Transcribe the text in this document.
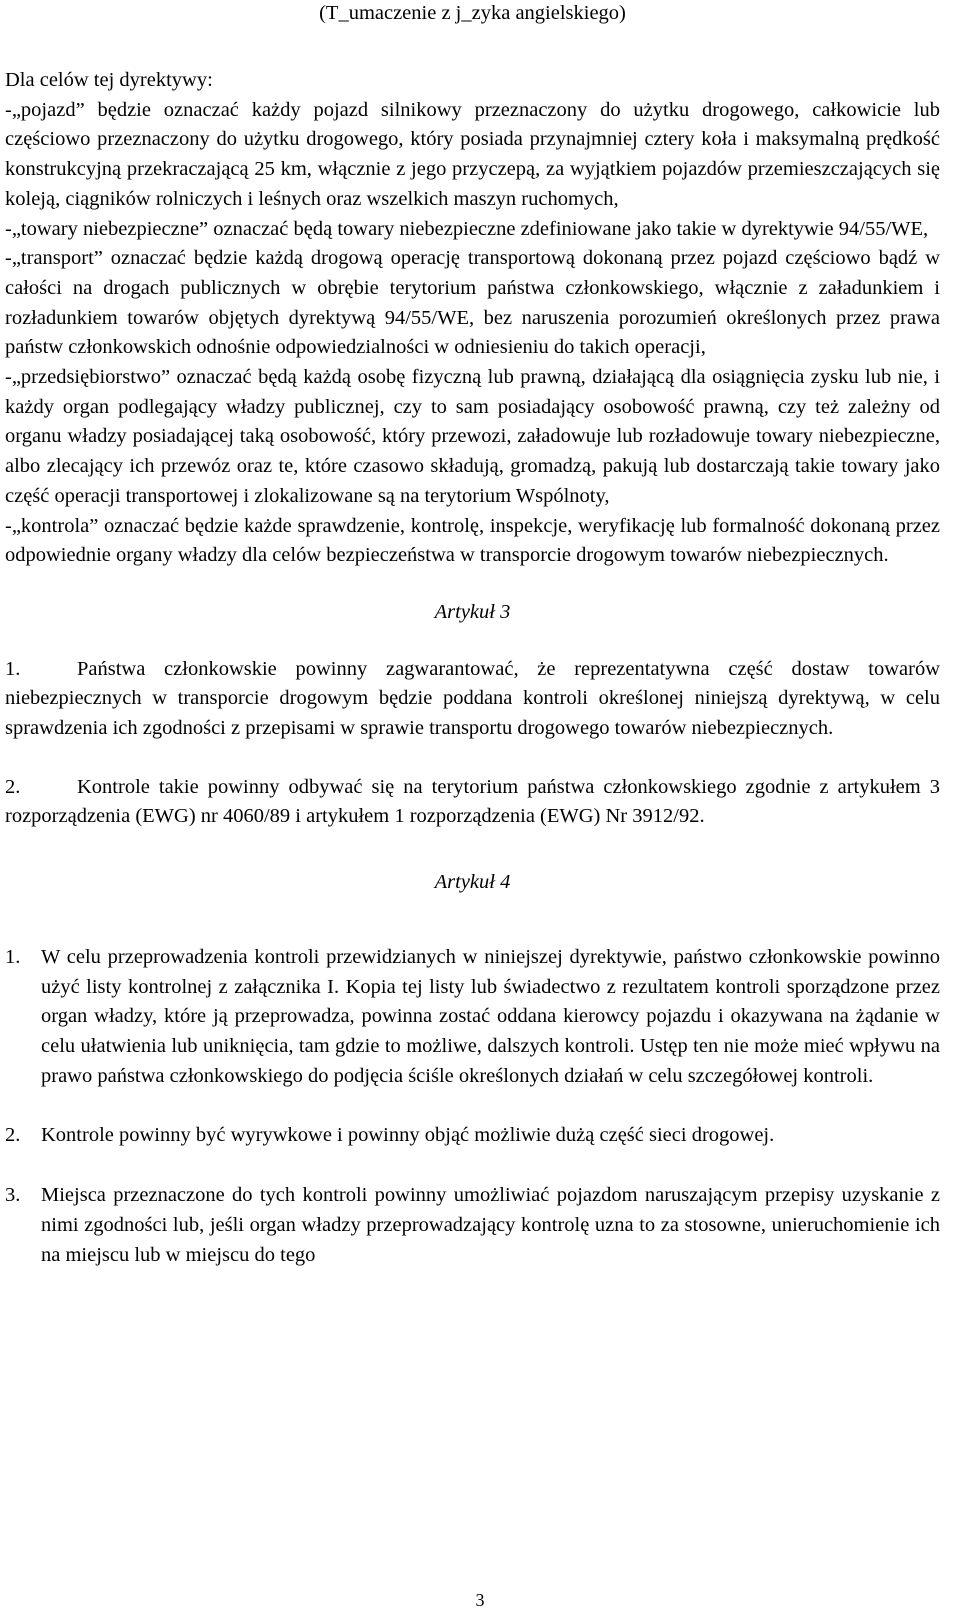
(T_umaczenie z j_zyka angielskiego)
Dla celów tej dyrektywy:

-„pojazd” będzie oznaczać każdy pojazd silnikowy przeznaczony do użytku drogowego, całkowicie lub częściowo przeznaczony do użytku drogowego, który posiada przynajmniej cztery koła i maksymalną prędkość konstrukcyjną przekraczającą 25 km, włącznie z jego przyczepą, za wyjątkiem pojazdów przemieszczających się koleją, ciągników rolniczych i leśnych oraz wszelkich maszyn ruchomych,

-„towary niebezpieczne” oznaczać będą towary niebezpieczne zdefiniowane jako takie w dyrektywie 94/55/WE,

-„transport” oznaczać będzie każdą drogową operację transportową dokonaną przez pojazd częściowo bądź w całości na drogach publicznych w obrębie terytorium państwa członkowskiego, włącznie z załadunkiem i rozładunkiem towarów objętych dyrektywą 94/55/WE, bez naruszenia porozumień określonych przez prawa państw członkowskich odnośnie odpowiedzialności w odniesieniu do takich operacji,

-„przedsiębiorstwo” oznaczać będą każdą osobę fizyczną lub prawną, działającą dla osiągnięcia zysku lub nie, i każdy organ podlegający władzy publicznej, czy to sam posiadający osobowość prawną, czy też zależny od organu władzy posiadającej taką osobowość, który przewozi, załadowuje lub rozładowuje towary niebezpieczne, albo zlecający ich przewóz oraz te, które czasowo składują, gromadzą, pakują lub dostarczają takie towary jako część operacji transportowej i zlokalizowane są na terytorium Wspólnoty,

-„kontrola” oznaczać będzie każde sprawdzenie, kontrolę, inspekcje, weryfikację lub formalność dokonaną przez odpowiednie organy władzy dla celów bezpieczeństwa w transporcie drogowym towarów niebezpiecznych.

Artykuł 3

1.	Państwa członkowskie powinny zagwarantować, że reprezentatywna część dostaw towarów niebezpiecznych w transporcie drogowym będzie poddana kontroli określonej niniejszą dyrektywą, w celu sprawdzenia ich zgodności z przepisami w sprawie transportu drogowego towarów niebezpiecznych.

2.	Kontrole takie powinny odbywać się na terytorium państwa członkowskiego zgodnie z artykułem 3 rozporządzenia (EWG) nr 4060/89 i artykułem 1 rozporządzenia (EWG) Nr 3912/92.

Artykuł 4
1.	W celu przeprowadzenia kontroli przewidzianych w niniejszej dyrektywie, państwo członkowskie powinno użyć listy kontrolnej z załącznika I. Kopia tej listy lub świadectwo z rezultatem kontroli sporządzone przez organ władzy, które ją przeprowadza, powinna zostać oddana kierowcy pojazdu i okazywana na żądanie w celu ułatwienia lub uniknięcia, tam gdzie to możliwe, dalszych kontroli. Ustęp ten nie może mieć wpływu na prawo państwa członkowskiego do podjęcia ściśle określonych działań w celu szczegółowej kontroli.
2.	Kontrole powinny być wyrywkowe i powinny objąć możliwie dużą część sieci drogowej.
3.	Miejsca przeznaczone do tych kontroli powinny umożliwiać pojazdom naruszającym przepisy uzyskanie z nimi zgodności lub, jeśli organ władzy przeprowadzający kontrolę uzna to za stosowne, unieruchomienie ich na miejscu lub w miejscu do tego
3
